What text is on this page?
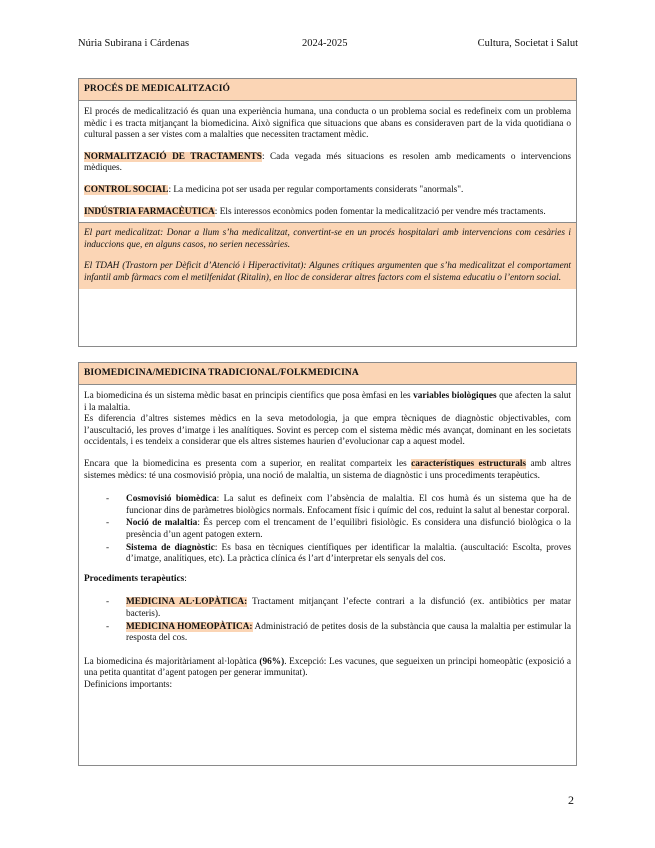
Núria Subirana i Cárdenas	2024-2025	Cultura, Societat i Salut
PROCÉS DE MEDICALITZACIÓ

El procés de medicalització és quan una experiència humana, una conducta o un problema social es redefineix com un problema mèdic i es tracta mitjançant la biomedicina. Això significa que situacions que abans es consideraven part de la vida quotidiana o cultural passen a ser vistes com a malalties que necessiten tractament mèdic.

NORMALITZACIÓ DE TRACTAMENTS: Cada vegada més situacions es resolen amb medicaments o intervencions mèdiques.

CONTROL SOCIAL: La medicina pot ser usada per regular comportaments considerats "anormals".

INDÚSTRIA FARMACÈUTICA: Els interessos econòmics poden fomentar la medicalització per vendre més tractaments.

El part medicalitzat: Donar a llum s’ha medicalitzat, convertint-se en un procés hospitalari amb intervencions com cesàries i induccions que, en alguns casos, no serien necessàries.

El TDAH (Trastorn per Dèficit d’Atenció i Hiperactivitat): Algunes crítiques argumenten que s’ha medicalitzat el comportament infantil amb fàrmacs com el metilfenidat (Ritalin), en lloc de considerar altres factors com el sistema educatiu o l’entorn social.

BIOMEDICINA/MEDICINA TRADICIONAL/FOLKMEDICINA

La biomedicina és un sistema mèdic basat en principis científics que posa èmfasi en les variables biològiques que afecten la salut i la malaltia.

Es diferencia d’altres sistemes mèdics en la seva metodologia, ja que empra tècniques de diagnòstic objectivables, com l’auscultació, les proves d’imatge i les analítiques. Sovint es percep com el sistema mèdic més avançat, dominant en les societats occidentals, i es tendeix a considerar que els altres sistemes haurien d’evolucionar cap a aquest model.

Encara que la biomedicina es presenta com a superior, en realitat comparteix les característiques estructurals amb altres sistemes mèdics: té una cosmovisió pròpia, una noció de malaltia, un sistema de diagnòstic i uns procediments terapèutics.

- Cosmovisió biomèdica: La salut es defineix com l’absència de malaltia. El cos humà és un sistema que ha de funcionar dins de paràmetres biològics normals. Enfocament físic i químic del cos, reduint la salut al benestar corporal.
- Noció de malaltia: És percep com el trencament de l’equilibri fisiològic. Es considera una disfunció biològica o la presència d’un agent patogen extern.
- Sistema de diagnòstic: Es basa en tècniques científiques per identificar la malaltia. (auscultació: Escolta, proves d’imatge, analítiques, etc). La pràctica clínica és l’art d’interpretar els senyals del cos.

Procediments terapèutics:

- MEDICINA AL·LOPÀTICA: Tractament mitjançant l’efecte contrari a la disfunció (ex. antibiòtics per matar bacteris).
- MEDICINA HOMEOPÀTICA: Administració de petites dosis de la substància que causa la malaltia per estimular la resposta del cos.

La biomedicina és majoritàriament al·lopàtica (96%). Excepció: Les vacunes, que segueixen un principi homeopàtic (exposició a una petita quantitat d’agent patogen per generar immunitat).

Definicions importants:

2
